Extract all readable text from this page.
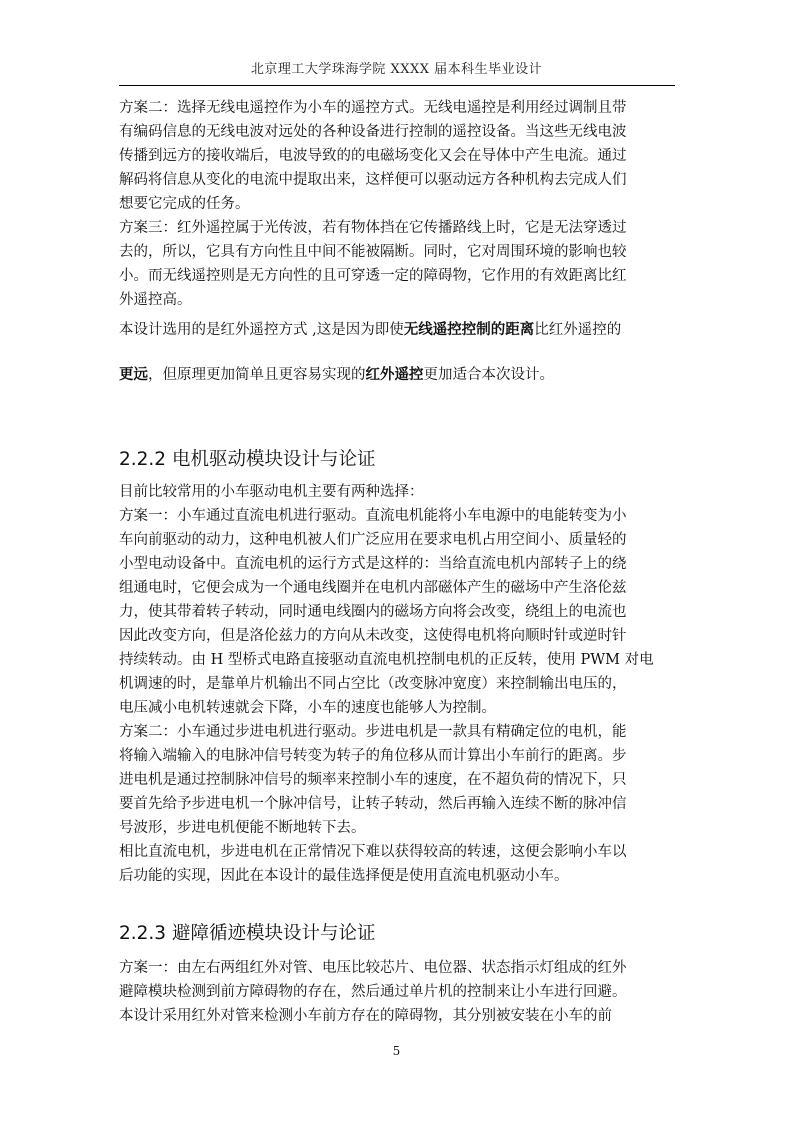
北京理工大学珠海学院 XXXX 届本科生毕业设计
方案二：选择无线电遥控作为小车的遥控方式。无线电遥控是利用经过调制且带
有编码信息的无线电波对远处的各种设备进行控制的遥控设备。当这些无线电波
传播到远方的接收端后，电波导致的的电磁场变化又会在导体中产生电流。通过
解码将信息从变化的电流中提取出来，这样便可以驱动远方各种机构去完成人们
想要它完成的任务。
方案三：红外遥控属于光传波，若有物体挡在它传播路线上时，它是无法穿透过
去的，所以，它具有方向性且中间不能被隔断。同时，它对周围环境的影响也较
小。而无线遥控则是无方向性的且可穿透一定的障碍物，它作用的有效距离比红
外遥控高。
本设计选用的是红外遥控方式 ,这是因为即使无线遥控控制的距离比红外遥控的
更远，但原理更加简单且更容易实现的红外遥控更加适合本次设计。
2.2.2 电机驱动模块设计与论证
目前比较常用的小车驱动电机主要有两种选择：
方案一：小车通过直流电机进行驱动。直流电机能将小车电源中的电能转变为小
车向前驱动的动力，这种电机被人们广泛应用在要求电机占用空间小、质量轻的
小型电动设备中。直流电机的运行方式是这样的：当给直流电机内部转子上的绕
组通电时，它便会成为一个通电线圈并在电机内部磁体产生的磁场中产生洛伦兹
力，使其带着转子转动，同时通电线圈内的磁场方向将会改变，绕组上的电流也
因此改变方向，但是洛伦兹力的方向从未改变，这使得电机将向顺时针或逆时针
持续转动。由 H 型桥式电路直接驱动直流电机控制电机的正反转，使用 PWM 对电
机调速的时，是靠单片机输出不同占空比（改变脉冲宽度）来控制输出电压的，
电压减小电机转速就会下降，小车的速度也能够人为控制。
方案二：小车通过步进电机进行驱动。步进电机是一款具有精确定位的电机，能
将输入端输入的电脉冲信号转变为转子的角位移从而计算出小车前行的距离。步
进电机是通过控制脉冲信号的频率来控制小车的速度，在不超负荷的情况下，只
要首先给予步进电机一个脉冲信号，让转子转动，然后再输入连续不断的脉冲信
号波形，步进电机便能不断地转下去。
相比直流电机，步进电机在正常情况下难以获得较高的转速，这便会影响小车以
后功能的实现，因此在本设计的最佳选择便是使用直流电机驱动小车。
2.2.3 避障循迹模块设计与论证
方案一：由左右两组红外对管、电压比较芯片、电位器、状态指示灯组成的红外
避障模块检测到前方障碍物的存在，然后通过单片机的控制来让小车进行回避。
本设计采用红外对管来检测小车前方存在的障碍物，其分别被安装在小车的前
5
